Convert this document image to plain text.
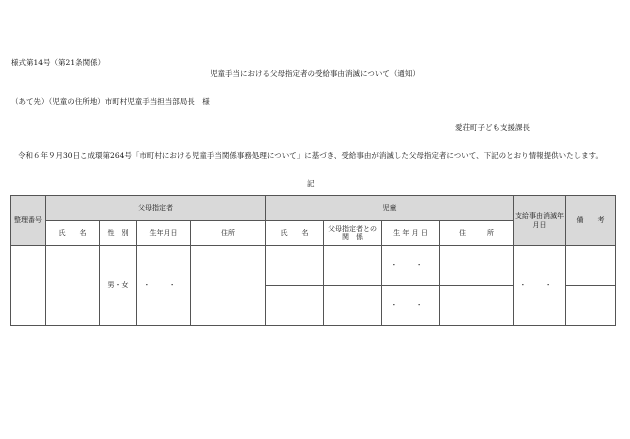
様式第14号（第21条関係）
児童手当における父母指定者の受給事由消滅について（通知）
（あて先）（児童の住所地）市町村児童手当担当部局長　様
愛荘町子ども支援課長
令和６年９月30日こ成環第264号「市町村における児童手当関係事務処理について」に基づき、受給事由が消滅した父母指定者について、下記のとおり情報提供いたします。
記
整理番号	父母指定者				児童				支給事由消滅年月日	備　　考
	氏　　名	性　別	生年月日	住所	氏　　名	父母指定者との　関　係	生 年 月 日	住　　　所		
		男・女	・ ・				・ ・		・ ・	
							・ ・			
